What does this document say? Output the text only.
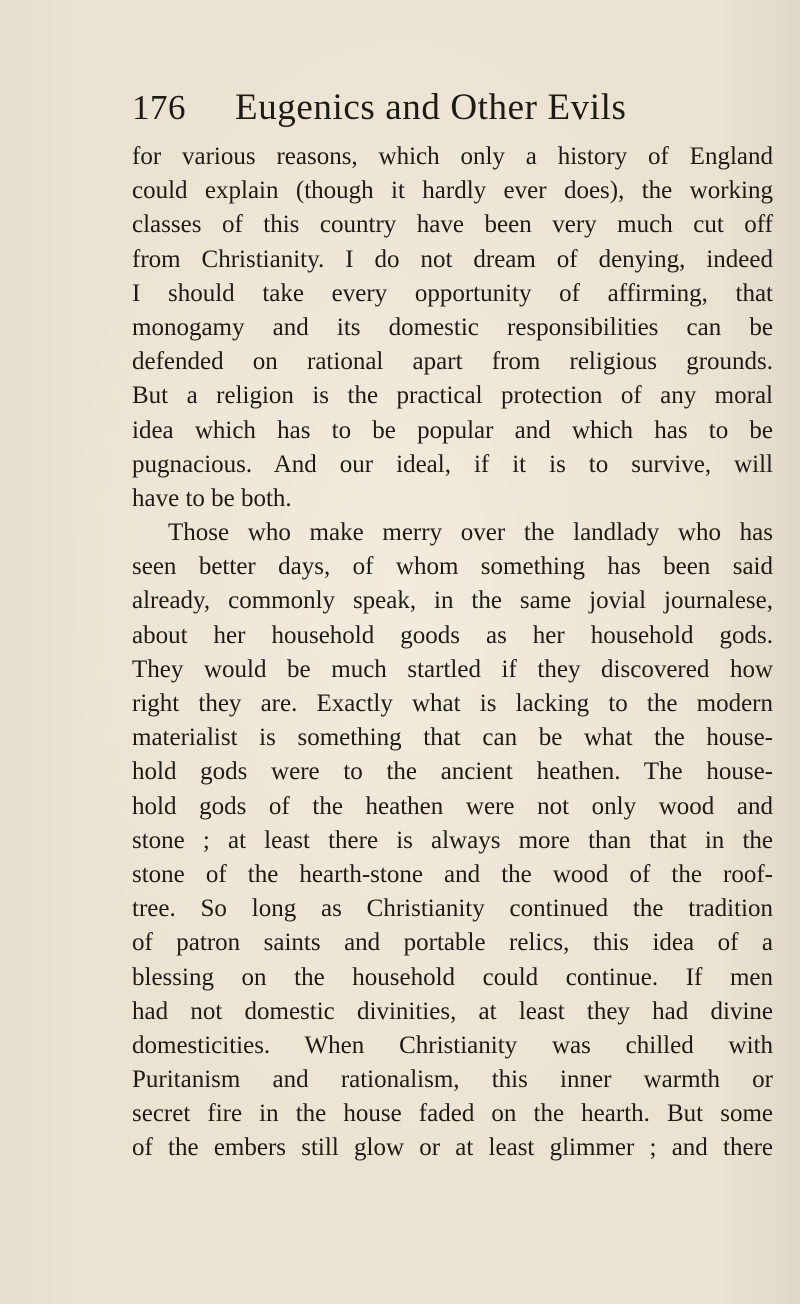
176 Eugenics and Other Evils
for various reasons, which only a history of England
could explain (though it hardly ever does), the working
classes of this country have been very much cut off
from Christianity. I do not dream of denying, indeed
I should take every opportunity of affirming, that
monogamy and its domestic responsibilities can be
defended on rational apart from religious grounds.
But a religion is the practical protection of any moral
idea which has to be popular and which has to be
pugnacious. And our ideal, if it is to survive, will
have to be both.
Those who make merry over the landlady who has
seen better days, of whom something has been said
already, commonly speak, in the same jovial journalese,
about her household goods as her household gods.
They would be much startled if they discovered how
right they are. Exactly what is lacking to the modern
materialist is something that can be what the house-
hold gods were to the ancient heathen. The house-
hold gods of the heathen were not only wood and
stone ; at least there is always more than that in the
stone of the hearth-stone and the wood of the roof-
tree. So long as Christianity continued the tradition
of patron saints and portable relics, this idea of a
blessing on the household could continue. If men
had not domestic divinities, at least they had divine
domesticities. When Christianity was chilled with
Puritanism and rationalism, this inner warmth or
secret fire in the house faded on the hearth. But some
of the embers still glow or at least glimmer ; and there
